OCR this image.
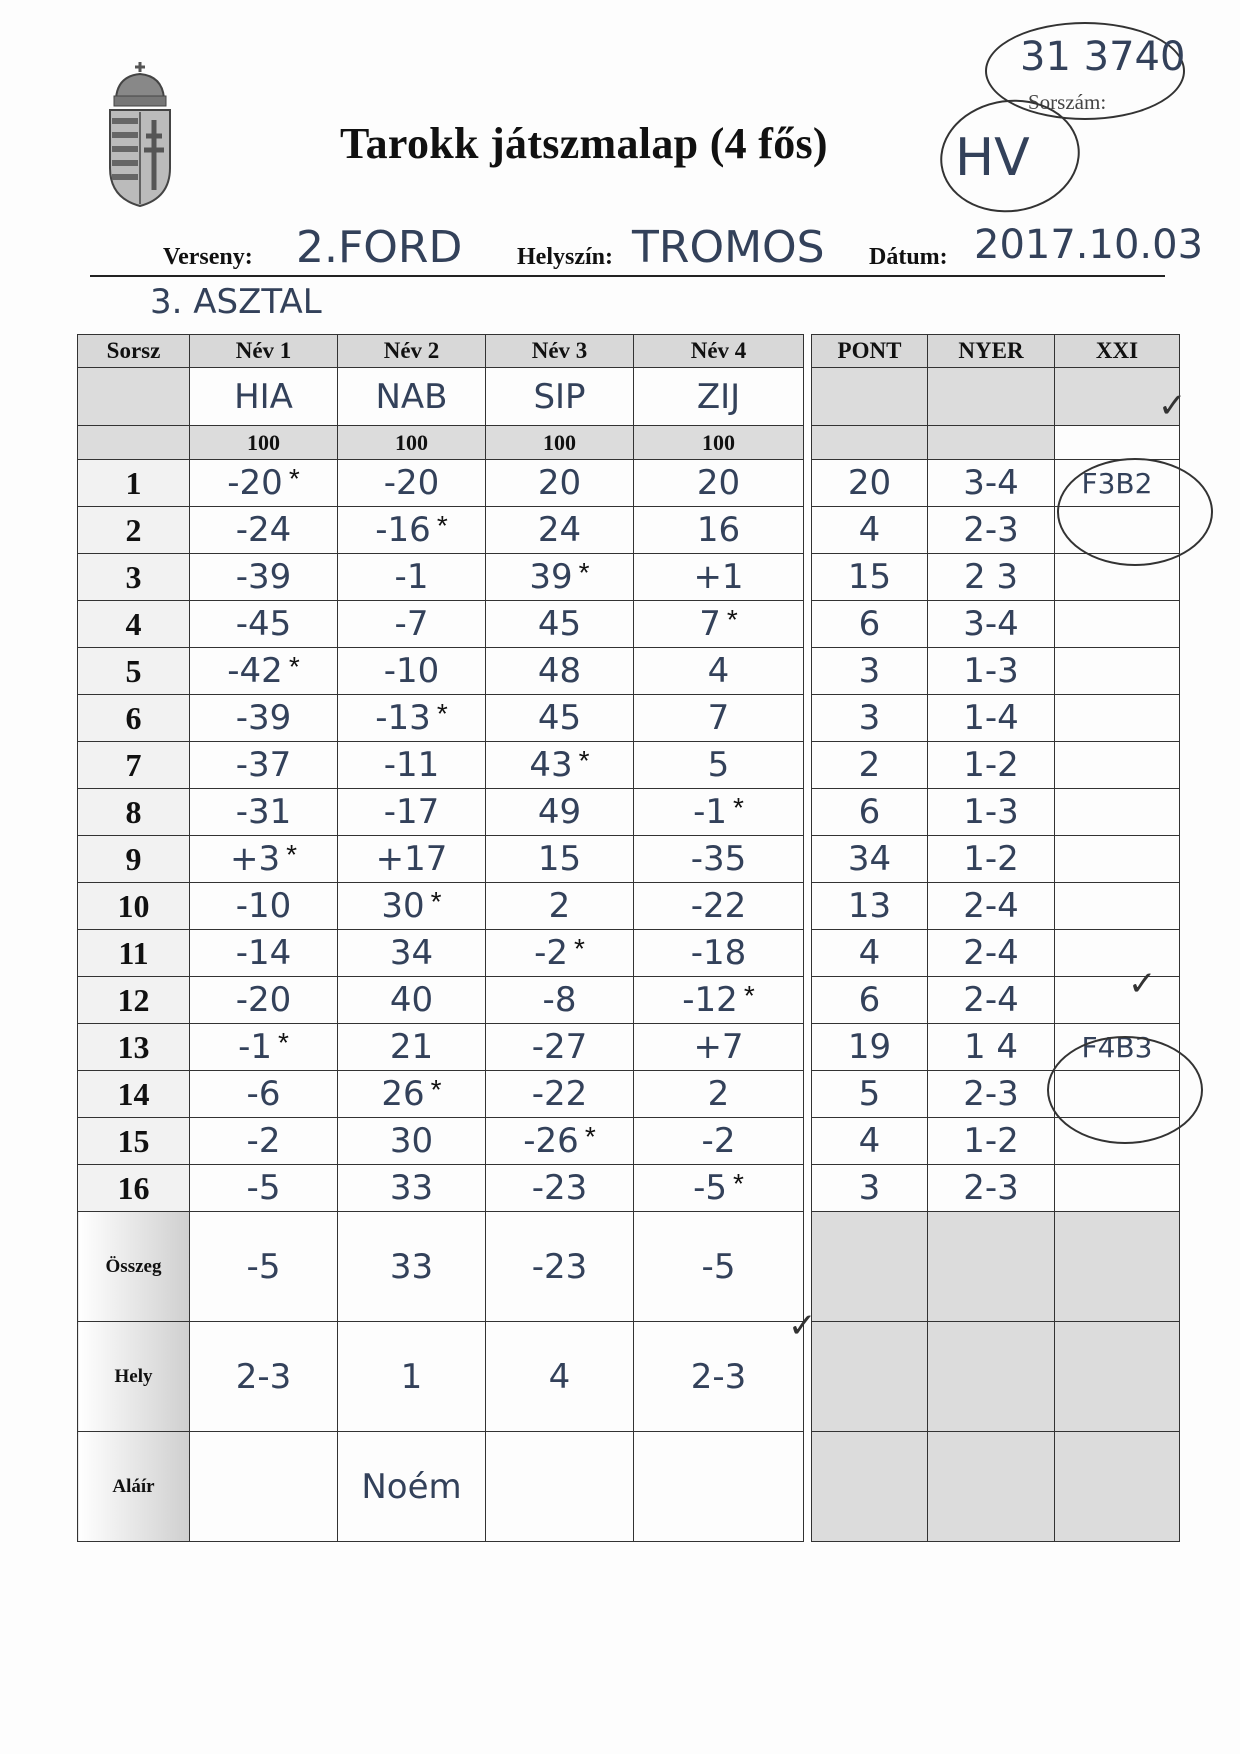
Tarokk játszmalap (4 fős)
31 3740
Sorszám:
HV
Verseny: 2.FORD Helyszín: TROMOS Dátum: 2017.10.03
3. ASZTAL
Sorsz	Név 1	Név 2	Név 3	Név 4		PONT	NYER	XXI
	HIA	NAB	SIP	ZIJ				
	100	100	100	100				
1	-20 *	-20	20	20		20	3-4	F3B2
2	-24	-16 *	24	16		4	2-3	
3	-39	-1	39 *	+1		15	2 3	
4	-45	-7	45	7 *		6	3-4	
5	-42 *	-10	48	4		3	1-3	
6	-39	-13 *	45	7		3	1-4	
7	-37	-11	43 *	5		2	1-2	
8	-31	-17	49	-1 *		6	1-3	
9	+3 *	+17	15	-35		34	1-2	
10	-10	30 *	2	-22		13	2-4	
11	-14	34	-2 *	-18		4	2-4	
12	-20	40	-8	-12 *		6	2-4	
13	-1 *	21	-27	+7		19	1 4	F4B3
14	-6	26 *	-22	2		5	2-3	
15	-2	30	-26 *	-2		4	1-2	
16	-5	33	-23	-5 *		3	2-3	
Összeg	-5	33	-23	-5				
Hely	2-3	1	4	2-3				
Aláír		Noém						
✓
✓
✓
